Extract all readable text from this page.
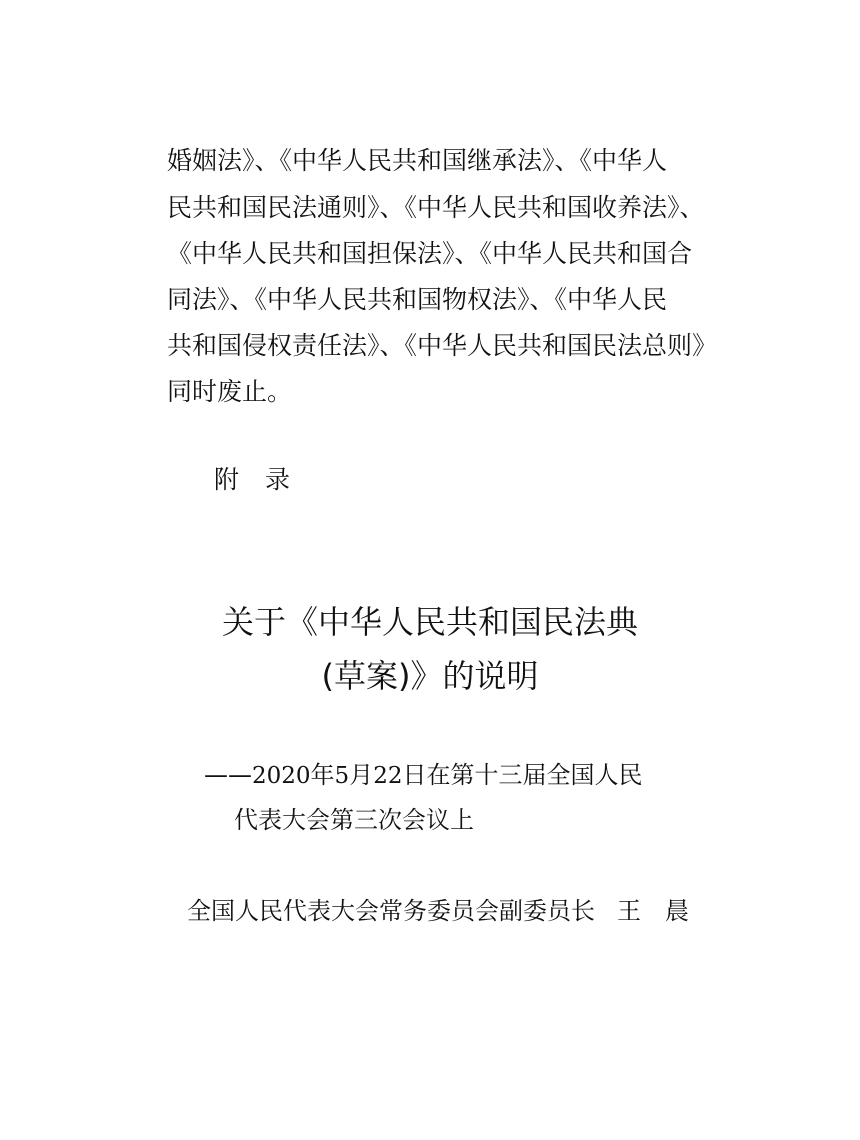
婚姻法》、《中华人民共和国继承法》、《中华人
民共和国民法通则》、《中华人民共和国收养法》、
《中华人民共和国担保法》、《中华人民共和国合
同法》、《中华人民共和国物权法》、《中华人民
共和国侵权责任法》、《中华人民共和国民法总则》
同时废止。
附 录
关于《中华人民共和国民法典
(草案)》的说明
——2020年5月22日在第十三届全国人民
代表大会第三次会议上
全国人民代表大会常务委员会副委员长 王 晨
